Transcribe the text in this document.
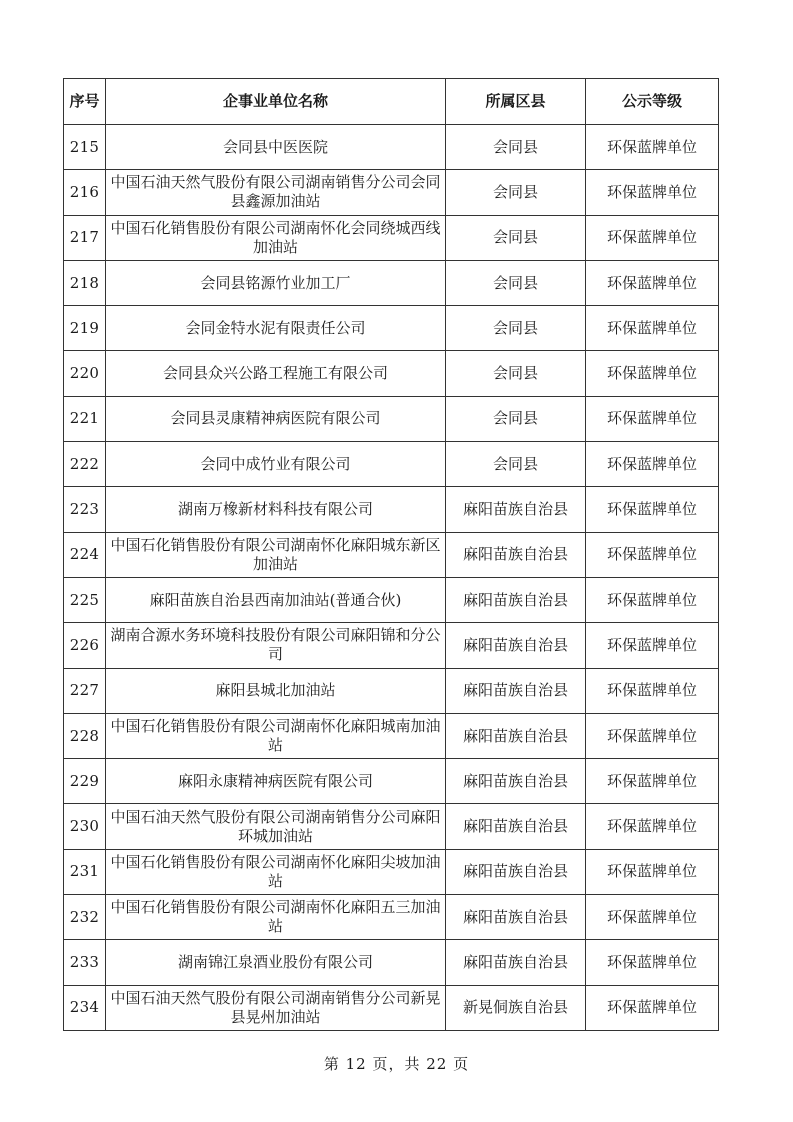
序号	企事业单位名称	所属区县	公示等级
215	会同县中医医院	会同县	环保蓝牌单位
216	中国石油天然气股份有限公司湖南销售分公司会同县鑫源加油站	会同县	环保蓝牌单位
217	中国石化销售股份有限公司湖南怀化会同绕城西线加油站	会同县	环保蓝牌单位
218	会同县铭源竹业加工厂	会同县	环保蓝牌单位
219	会同金特水泥有限责任公司	会同县	环保蓝牌单位
220	会同县众兴公路工程施工有限公司	会同县	环保蓝牌单位
221	会同县灵康精神病医院有限公司	会同县	环保蓝牌单位
222	会同中成竹业有限公司	会同县	环保蓝牌单位
223	湖南万橡新材料科技有限公司	麻阳苗族自治县	环保蓝牌单位
224	中国石化销售股份有限公司湖南怀化麻阳城东新区加油站	麻阳苗族自治县	环保蓝牌单位
225	麻阳苗族自治县西南加油站(普通合伙)	麻阳苗族自治县	环保蓝牌单位
226	湖南合源水务环境科技股份有限公司麻阳锦和分公司	麻阳苗族自治县	环保蓝牌单位
227	麻阳县城北加油站	麻阳苗族自治县	环保蓝牌单位
228	中国石化销售股份有限公司湖南怀化麻阳城南加油站	麻阳苗族自治县	环保蓝牌单位
229	麻阳永康精神病医院有限公司	麻阳苗族自治县	环保蓝牌单位
230	中国石油天然气股份有限公司湖南销售分公司麻阳环城加油站	麻阳苗族自治县	环保蓝牌单位
231	中国石化销售股份有限公司湖南怀化麻阳尖坡加油站	麻阳苗族自治县	环保蓝牌单位
232	中国石化销售股份有限公司湖南怀化麻阳五三加油站	麻阳苗族自治县	环保蓝牌单位
233	湖南锦江泉酒业股份有限公司	麻阳苗族自治县	环保蓝牌单位
234	中国石油天然气股份有限公司湖南销售分公司新晃县晃州加油站	新晃侗族自治县	环保蓝牌单位
第 12 页，共 22 页
